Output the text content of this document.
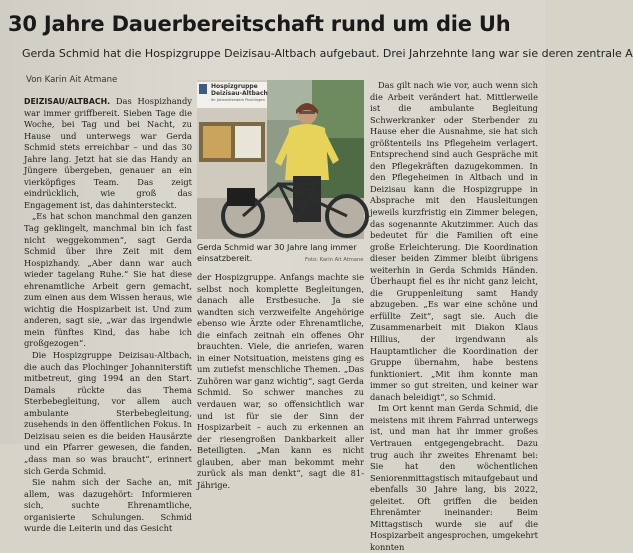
30 Jahre Dauerbereitschaft rund um die Uh
Gerda Schmid hat die Hospizgruppe Deizisau-Altbach aufgebaut. Drei Jahrzehnte lang war sie deren zentrale A
Von Karin Ait Atmane

DEIZISAU/ALTBACH. Das Hospizhandy war immer griffbereit. Sieben Tage die Woche, bei Tag und bei Nacht, zu Hause und unterwegs war Gerda Schmid stets erreichbar – und das 30 Jahre lang. Jetzt hat sie das Handy an Jüngere übergeben, genauer an ein vierköpfiges Team. Das zeigt eindrücklich, wie groß das Engagement ist, das dahintersteckt.

„Es hat schon manchmal den ganzen Tag geklingelt, manchmal bin ich fast nicht weggekommen“, sagt Gerda Schmid über ihre Zeit mit dem Hospizhandy. „Aber dann war auch wieder tagelang Ruhe.“ Sie hat diese ehrenamtliche Arbeit gern gemacht, zum einen aus dem Wissen heraus, wie wichtig die Hospizarbeit ist. Und zum anderen, sagt sie, „war das irgendwie mein fünftes Kind, das habe ich großgezogen“.

Die Hospizgruppe Deizisau-Altbach, die auch das Plochinger Johanniterstift mitbetreut, ging 1994 an den Start. Damals rückte das Thema Sterbebegleitung, vor allem auch ambulante Sterbebegleitung, zusehends in den öffentlichen Fokus. In Deizisau seien es die beiden Hausärzte und ein Pfarrer gewesen, die fanden, „dass man so was braucht“, erinnert sich Gerda Schmid.

Sie nahm sich der Sache an, mit allem, was dazugehört: Informieren sich, suchte Ehrenamtliche, organisierte Schulungen. Schmid wurde die Leiterin und das Gesicht

Hospizgruppe
Deizisau-Altbach
Ihr Johanniterwerk Plochingen
Gerda Schmid war 30 Jahre lang immer einsatzbereit.	Foto: Karin Ait Atmane

der Hospizgruppe. Anfangs machte sie selbst noch komplette Begleitungen, danach alle Erstbesuche. Ja sie wandten sich verzweifelte Angehörige ebenso wie Ärzte oder Ehrenamtliche, die einfach zeitnah ein offenes Ohr brauchten. Viele, die anriefen, waren in einer Notsituation, meistens ging es um zutiefst menschliche Themen. „Das Zuhören war ganz wichtig“, sagt Gerda Schmid. So schwer manches zu verdauen war, so offensichtlich war und ist für sie der Sinn der Hospizarbeit – auch zu erkennen an der riesengroßen Dankbarkeit aller Beteiligten. „Man kann es nicht glauben, aber man bekommt mehr zurück als man denkt“, sagt die 81-Jährige.

Das gilt nach wie vor, auch wenn sich die Arbeit verändert hat. Mittlerweile ist die ambulante Begleitung Schwerkranker oder Sterbender zu Hause eher die Ausnahme, sie hat sich größtenteils ins Pflegeheim verlagert. Entsprechend sind auch Gespräche mit den Pflegekräften dazugekommen. In den Pflegeheimen in Altbach und in Deizisau kann die Hospizgruppe in Absprache mit den Hausleitungen jeweils kurzfristig ein Zimmer belegen, das sogenannte Akutzimmer. Auch das bedeutet für die Familien oft eine große Erleichterung. Die Koordination dieser beiden Zimmer bleibt übrigens weiterhin in Gerda Schmids Händen. Überhaupt fiel es ihr nicht ganz leicht, die Gruppenleitung samt Handy abzugeben. „Es war eine schöne und erfüllte Zeit“, sagt sie. Auch die Zusammenarbeit mit Diakon Klaus Hillius, der irgendwann als Hauptamtlicher die Koordination der Gruppe übernahm, habe bestens funktioniert. „Mit ihm konnte man immer so gut streiten, und keiner war danach beleidigt“, so Schmid.

Im Ort kennt man Gerda Schmid, die meistens mit ihrem Fahrrad unterwegs ist, und man hat ihr immer großes Vertrauen entgegengebracht. Dazu trug auch ihr zweites Ehrenamt bei: Sie hat den wöchentlichen Seniorenmittagstisch mitaufgebaut und ebenfalls 30 Jahre lang, bis 2022, geleitet. Oft griffen die beiden Ehrenämter ineinander: Beim Mittagstisch wurde sie auf die Hospizarbeit angesprochen, umgekehrt konnten
